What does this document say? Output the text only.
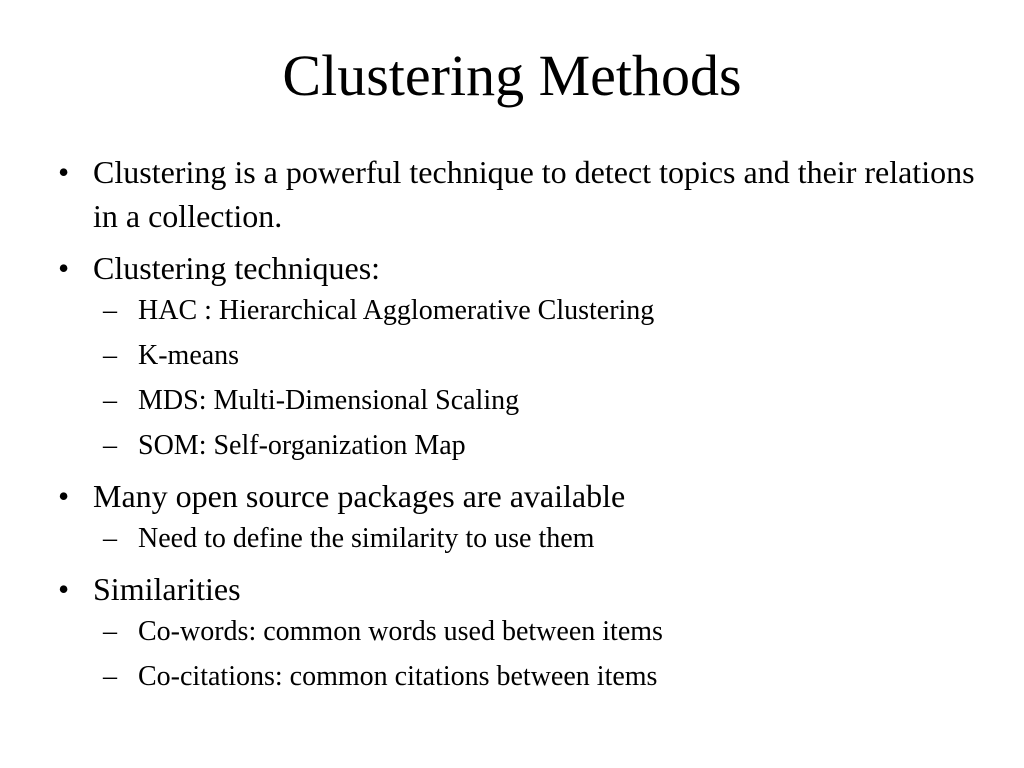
Clustering Methods
• Clustering is a powerful technique to detect topics and their relations in a collection.
• Clustering techniques:
– HAC : Hierarchical Agglomerative Clustering
– K-means
– MDS: Multi-Dimensional Scaling
– SOM: Self-organization Map
• Many open source packages are available
– Need to define the similarity to use them
• Similarities
– Co-words: common words used between items
– Co-citations: common citations between items
